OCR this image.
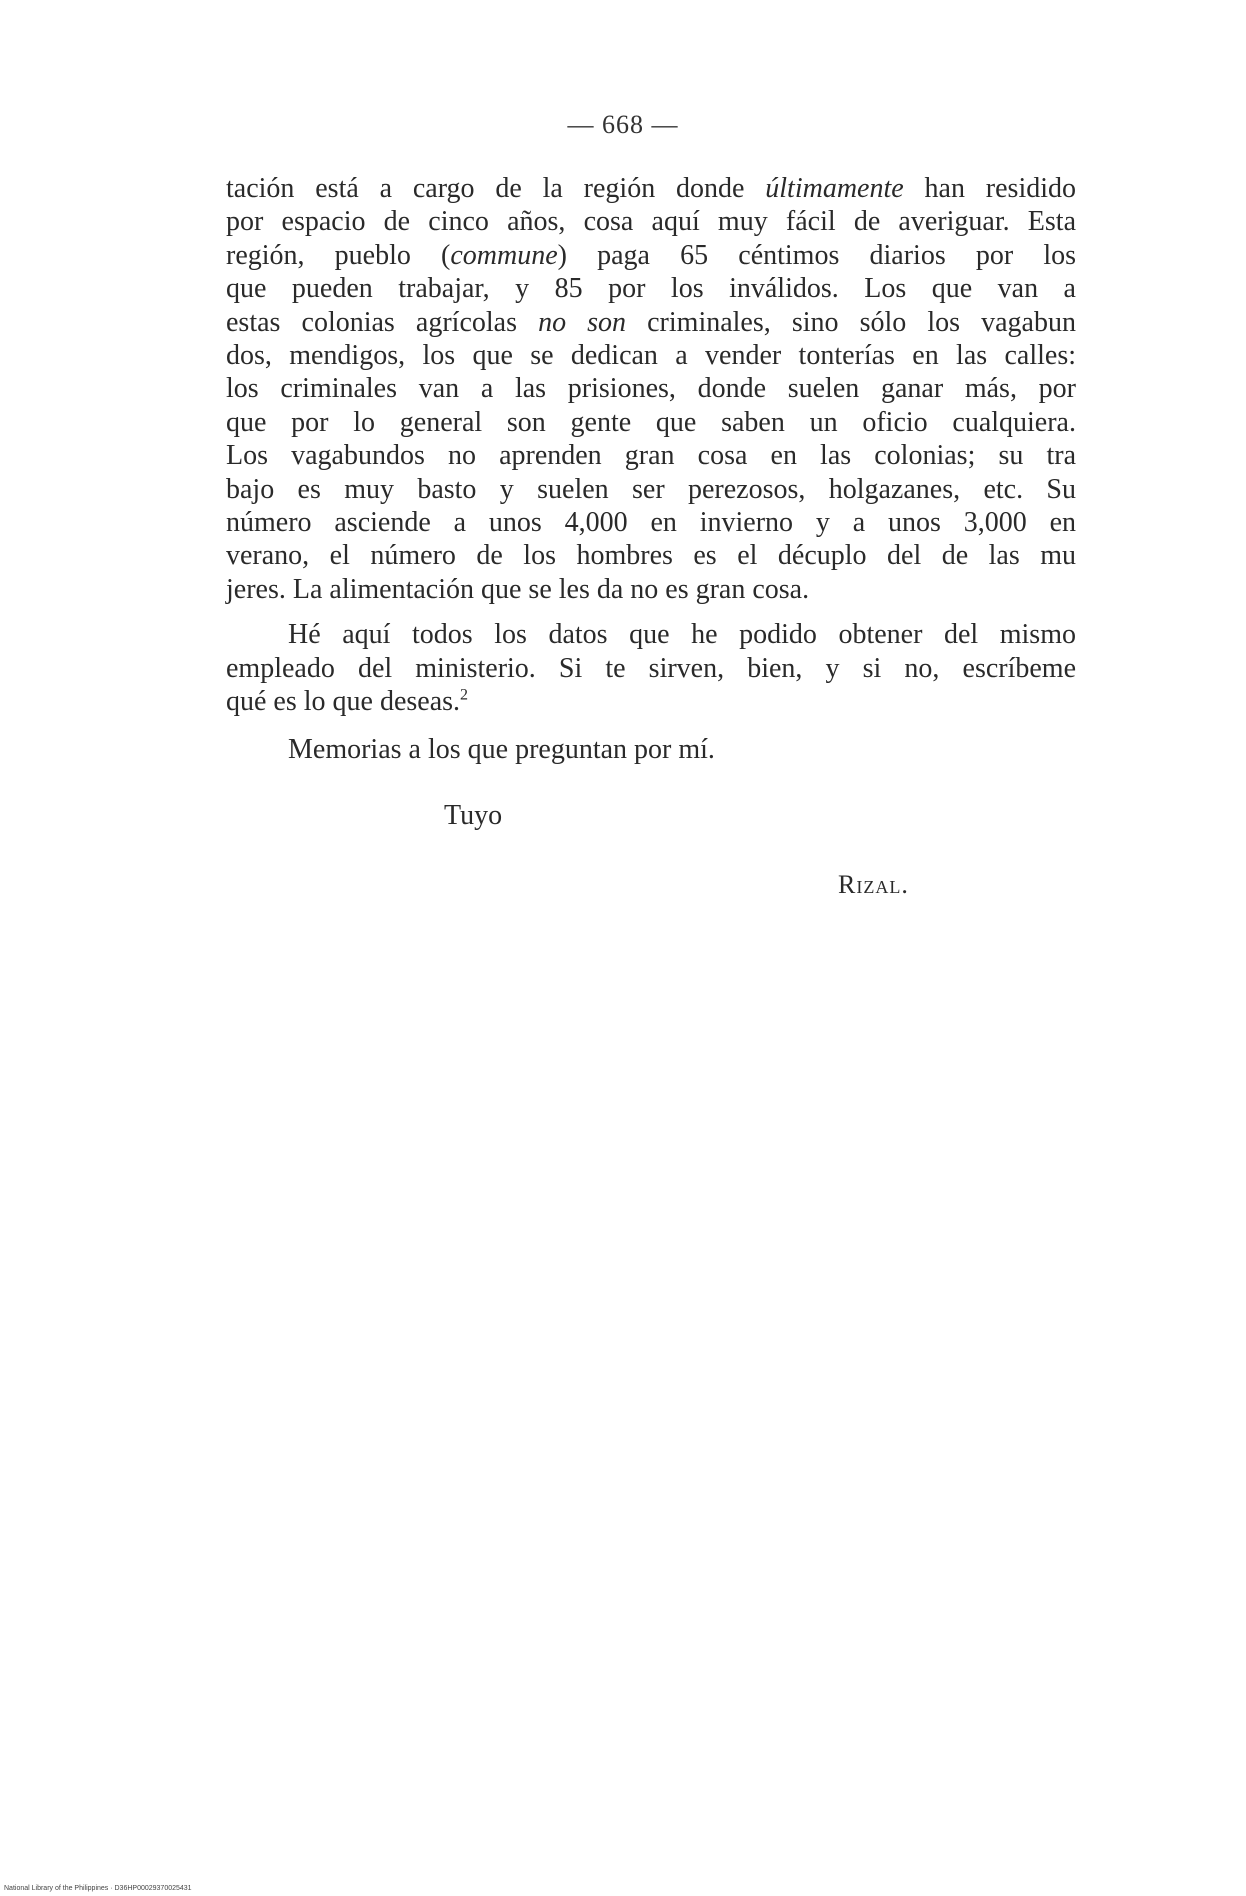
— 668 —
tación está a cargo de la región donde últimamente han residido
por espacio de cinco años, cosa aquí muy fácil de averiguar. Esta
región, pueblo (commune) paga 65 céntimos diarios por los
que pueden trabajar, y 85 por los inválidos. Los que van a
estas colonias agrícolas no son criminales, sino sólo los vagabun
dos, mendigos, los que se dedican a vender tonterías en las calles:
los criminales van a las prisiones, donde suelen ganar más, por
que por lo general son gente que saben un oficio cualquiera.
Los vagabundos no aprenden gran cosa en las colonias; su tra
bajo es muy basto y suelen ser perezosos, holgazanes, etc. Su
número asciende a unos 4,000 en invierno y a unos 3,000 en
verano, el número de los hombres es el décuplo del de las mu
jeres. La alimentación que se les da no es gran cosa.
Hé aquí todos los datos que he podido obtener del mismo
empleado del ministerio. Si te sirven, bien, y si no, escríbeme
qué es lo que deseas.$^2$
Memorias a los que preguntan por mí.
Tuyo
Rizal.
National Library of the Philippines · D36HP00029370025431
